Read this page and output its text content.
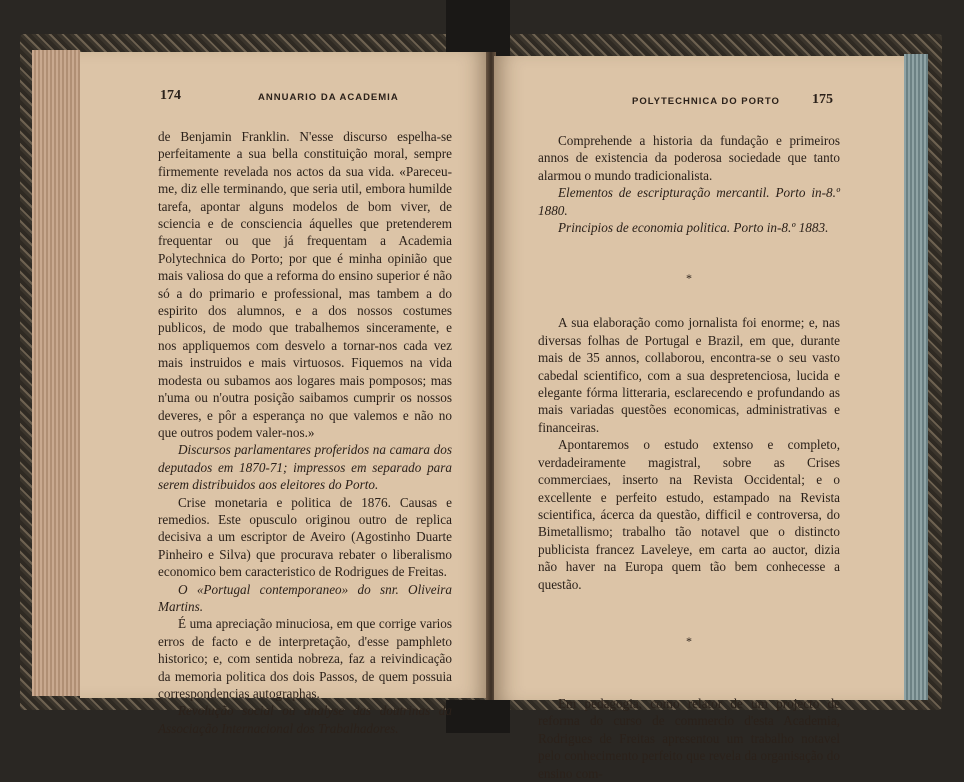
174	ANNUARIO DA ACADEMIA

de Benjamin Franklin. N'esse discurso espelha-se perfeitamente a sua bella constituição moral, sempre firmemente revelada nos actos da sua vida. «Pareceu-me, diz elle terminando, que seria util, embora humilde tarefa, apontar alguns modelos de bom viver, de sciencia e de consciencia áquelles que pretenderem frequentar ou que já frequentam a Academia Polytechnica do Porto; por que é minha opinião que mais valiosa do que a reforma do ensino superior é não só a do primario e professional, mas tambem a do espirito dos alumnos, e a dos nossos costumes publicos, de modo que trabalhemos sinceramente, e nos appliquemos com desvelo a tornar-nos cada vez mais instruidos e mais virtuosos. Fiquemos na vida modesta ou subamos aos logares mais pomposos; mas n'uma ou n'outra posição saibamos cumprir os nossos deveres, e pôr a esperança no que valemos e não no que outros podem valer-nos.»

Discursos parlamentares proferidos na camara dos deputados em 1870-71; impressos em separado para serem distribuidos aos eleitores do Porto.

Crise monetaria e politica de 1876. Causas e remedios. Este opusculo originou outro de replica decisiva a um escriptor de Aveiro (Agostinho Duarte Pinheiro e Silva) que procurava rebater o liberalismo economico bem caracteristico de Rodrigues de Freitas.

O «Portugal contemporaneo» do snr. Oliveira Martins.

É uma apreciação minuciosa, em que corrige varios erros de facto e de interpretação, d'esse pamphleto historico; e, com sentida nobreza, faz a reivindicação da memoria politica dos dois Passos, de quem possuia correspondencias autographas.

Revolução social ou analyse das doutrinas da Associação Internacional dos Trabalhadores.

POLYTECHNICA DO PORTO 175

Comprehende a historia da fundação e primeiros annos de existencia da poderosa sociedade que tanto alarmou o mundo tradicionalista.

Elementos de escripturação mercantil. Porto in-8.º 1880.

Principios de economia politica. Porto in-8.º 1883.

*

A sua elaboração como jornalista foi enorme; e, nas diversas folhas de Portugal e Brazil, em que, durante mais de 35 annos, collaborou, encontra-se o seu vasto cabedal scientifico, com a sua despretenciosa, lucida e elegante fórma litteraria, esclarecendo e profundando as mais variadas questões economicas, administrativas e financeiras.

Apontaremos o estudo extenso e completo, verdadeiramente magistral, sobre as Crises commerciaes, inserto na Revista Occidental; e o excellente e perfeito estudo, estampado na Revista scientifica, ácerca da questão, difficil e controversa, do Bimetallismo; trabalho tão notavel que o distincto publicista francez Laveleye, em carta ao auctor, dizia não haver na Europa quem tão bem conhecesse a questão.

*

Em pedagogia, como relator de um projecto de reforma do curso de commercio d'esta Academia, Rodrigues de Freitas apresentou um trabalho notavel pelo conhecimento perfeito que revela da organisação do ensino com-
